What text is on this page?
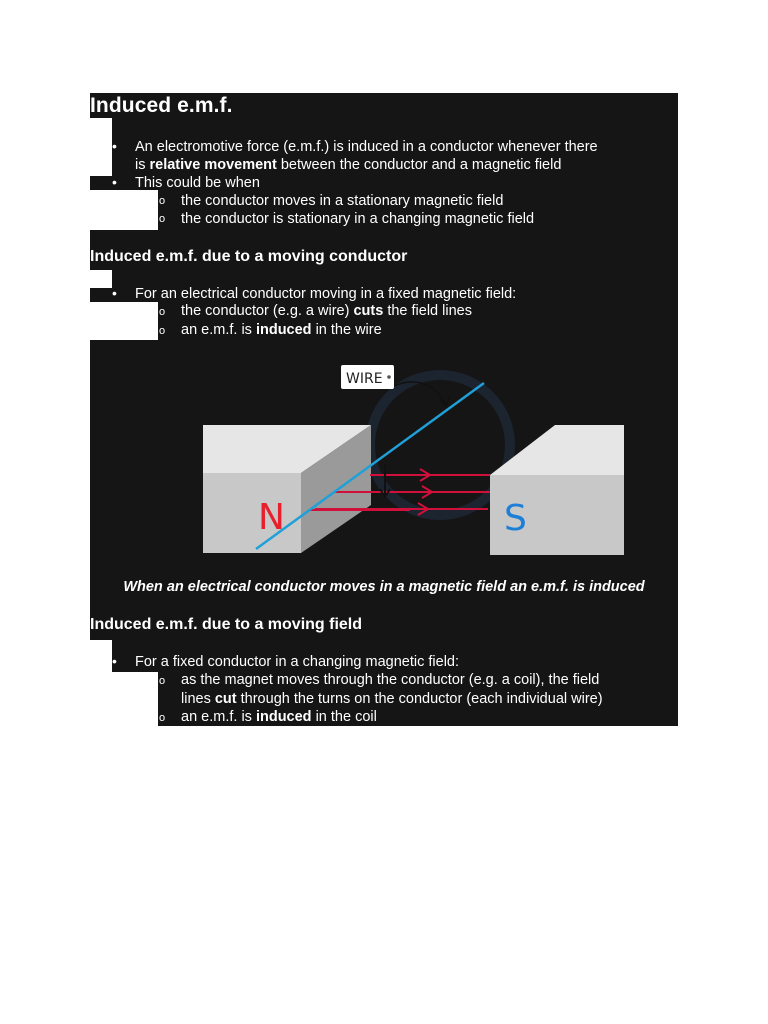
Induced e.m.f.
• An electromotive force (e.m.f.) is induced in a conductor whenever there
is relative movement between the conductor and a magnetic field
• This could be when
o the conductor moves in a stationary magnetic field
o the conductor is stationary in a changing magnetic field
Induced e.m.f. due to a moving conductor
• For an electrical conductor moving in a fixed magnetic field:
o the conductor (e.g. a wire) cuts the field lines
o an e.m.f. is induced in the wire
N	S
WIRE
When an electrical conductor moves in a magnetic field an e.m.f. is induced
Induced e.m.f. due to a moving field
• For a fixed conductor in a changing magnetic field:
o as the magnet moves through the conductor (e.g. a coil), the field
lines cut through the turns on the conductor (each individual wire)
o an e.m.f. is induced in the coil
